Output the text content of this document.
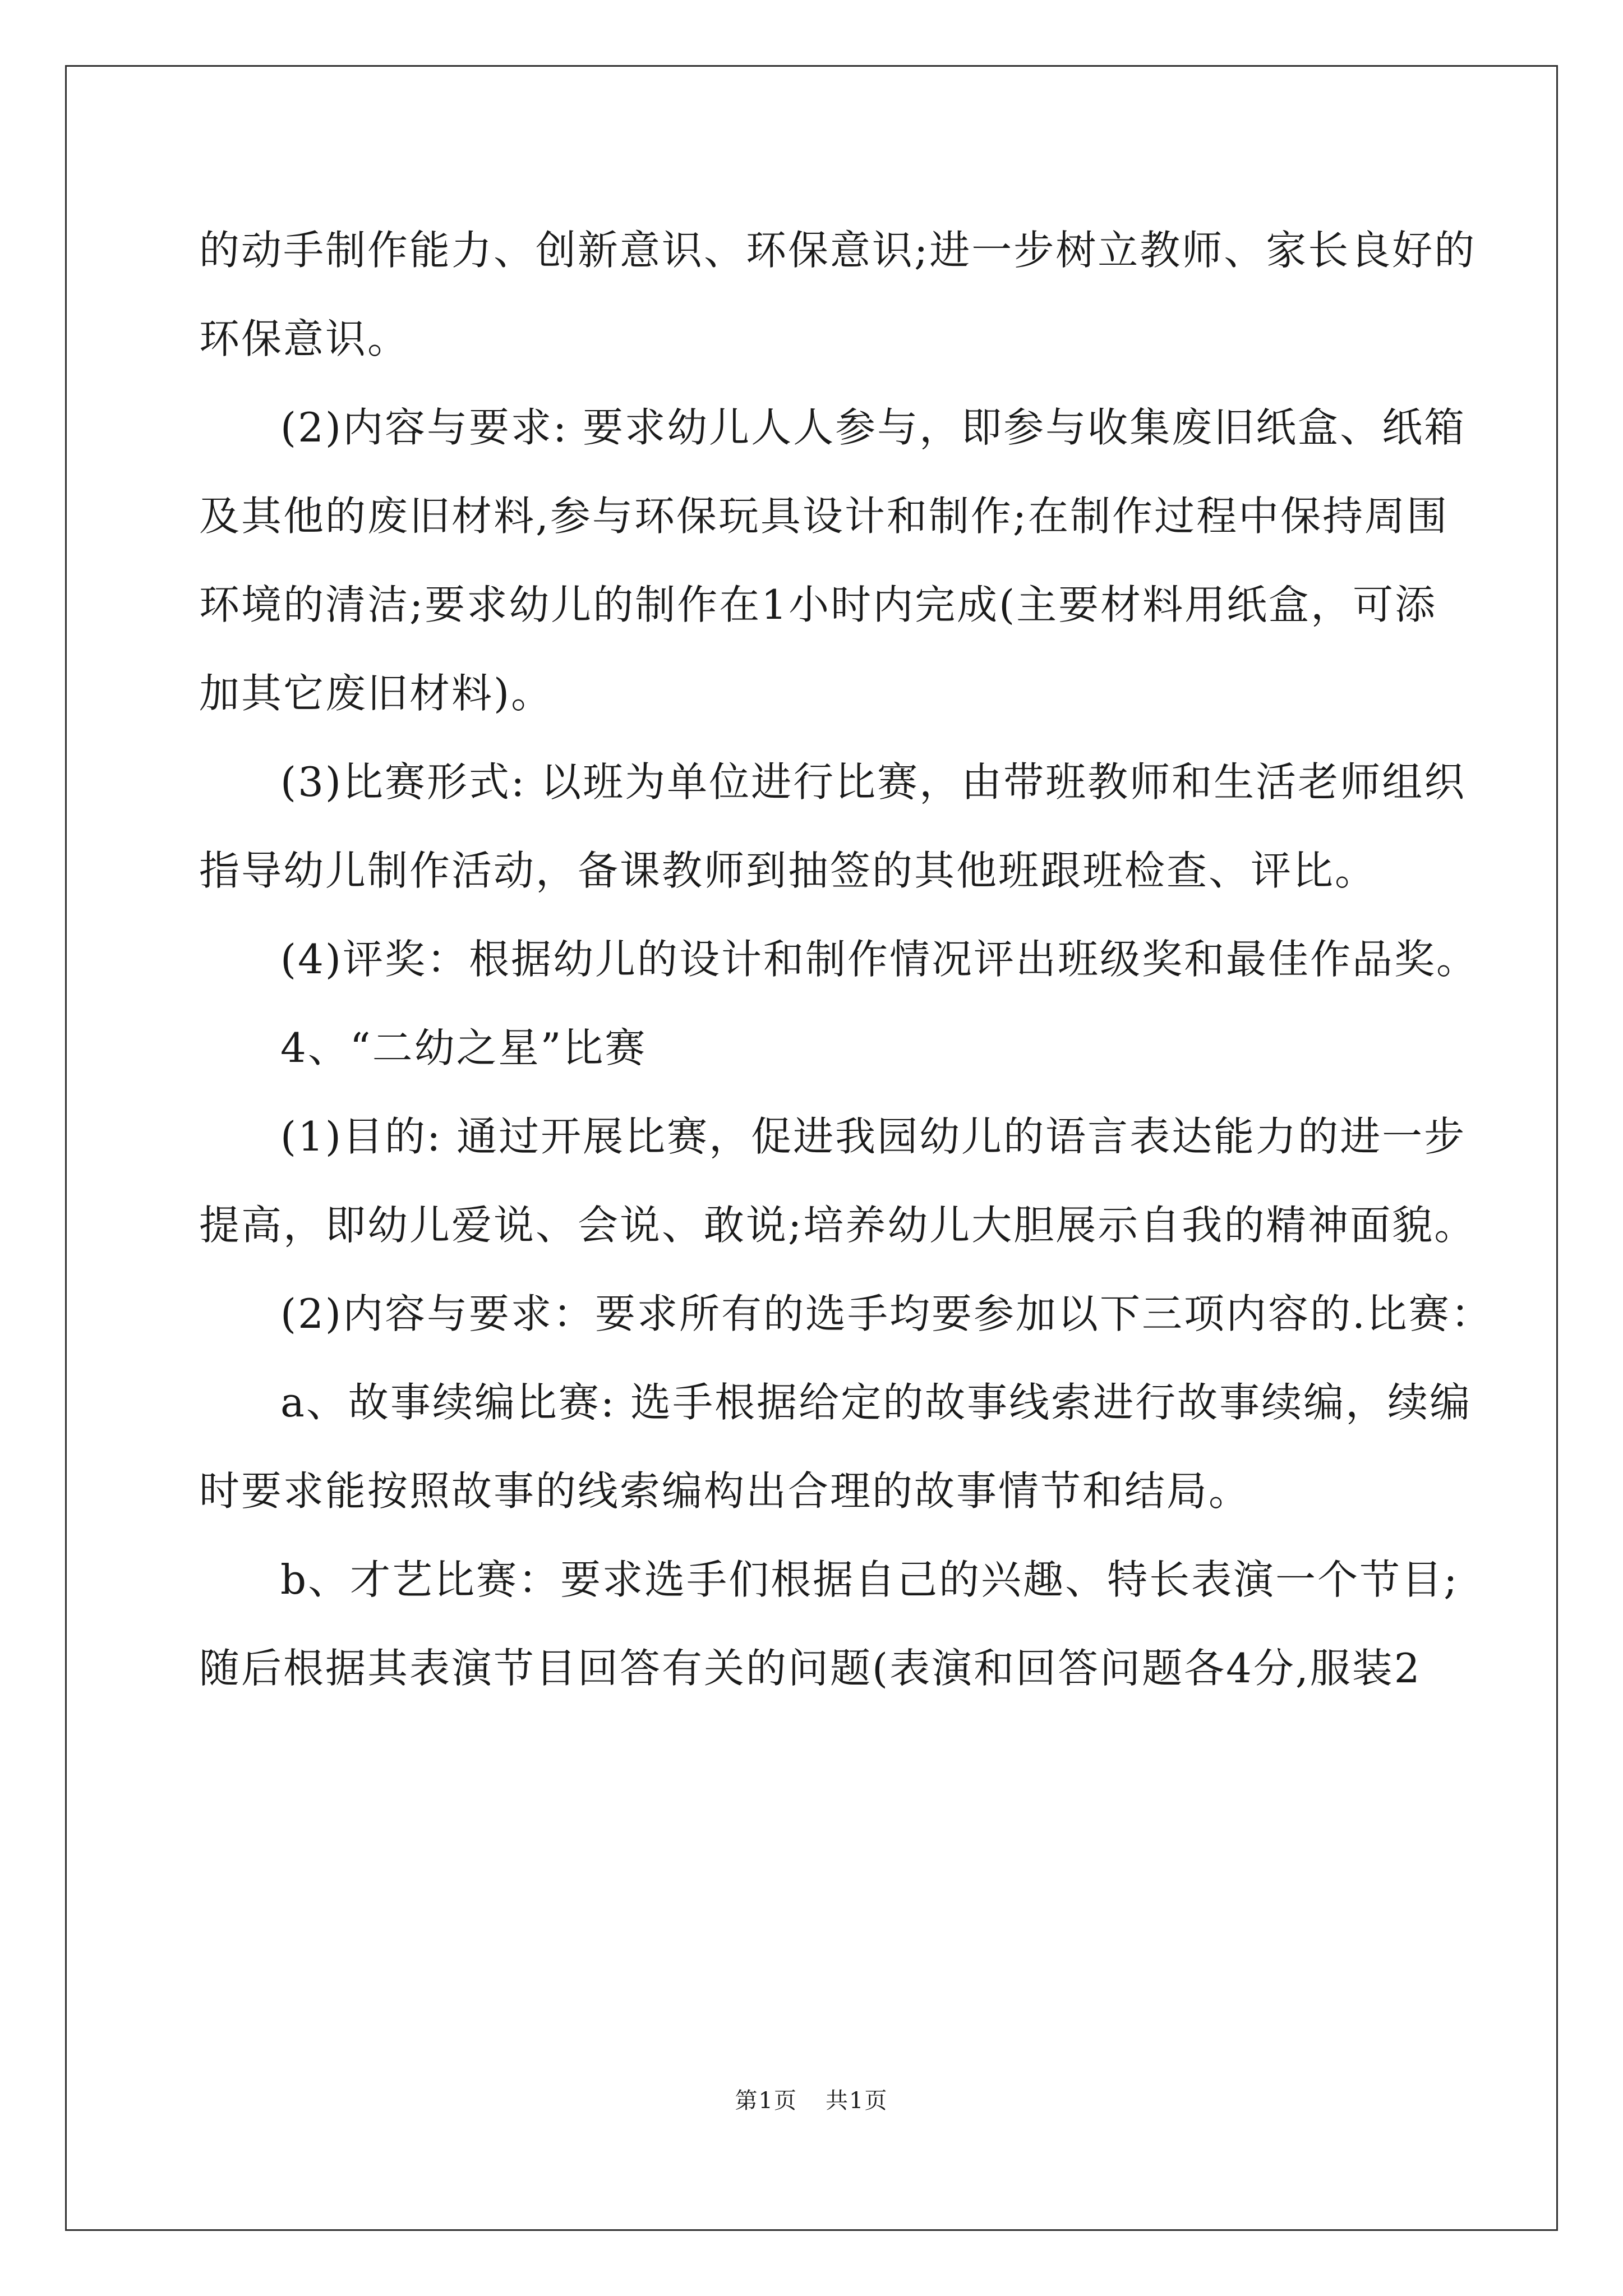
的动手制作能力、创新意识、环保意识;进一步树立教师、家长良好的
环保意识。
(2)内容与要求: 要求幼儿人人参与，即参与收集废旧纸盒、纸箱
及其他的废旧材料,参与环保玩具设计和制作;在制作过程中保持周围
环境的清洁;要求幼儿的制作在1小时内完成(主要材料用纸盒，可添
加其它废旧材料)。
(3)比赛形式: 以班为单位进行比赛，由带班教师和生活老师组织
指导幼儿制作活动，备课教师到抽签的其他班跟班检查、评比。
(4)评奖：根据幼儿的设计和制作情况评出班级奖和最佳作品奖。
4、“二幼之星”比赛
(1)目的: 通过开展比赛，促进我园幼儿的语言表达能力的进一步
提高，即幼儿爱说、会说、敢说;培养幼儿大胆展示自我的精神面貌。
(2)内容与要求：要求所有的选手均要参加以下三项内容的.比赛：
a、故事续编比赛: 选手根据给定的故事线索进行故事续编，续编
时要求能按照故事的线索编构出合理的故事情节和结局。
b、才艺比赛：要求选手们根据自己的兴趣、特长表演一个节目;
随后根据其表演节目回答有关的问题(表演和回答问题各4分,服装2
第1页 共1页
